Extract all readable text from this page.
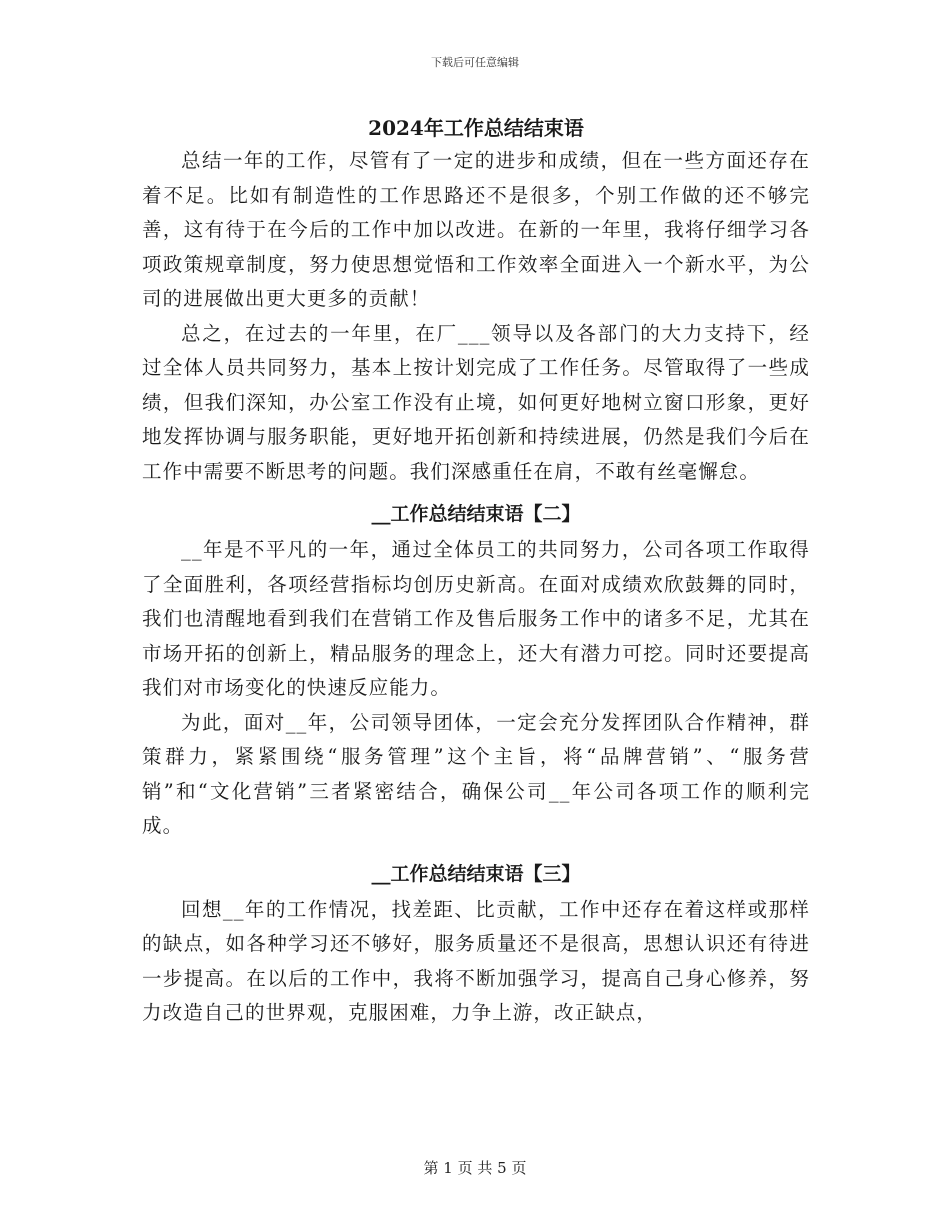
下载后可任意编辑
2024年工作总结结束语

总结一年的工作，尽管有了一定的进步和成绩，但在一些方面还存在着不足。比如有制造性的工作思路还不是很多，个别工作做的还不够完善，这有待于在今后的工作中加以改进。在新的一年里，我将仔细学习各项政策规章制度，努力使思想觉悟和工作效率全面进入一个新水平，为公司的进展做出更大更多的贡献！

总之，在过去的一年里，在厂___领导以及各部门的大力支持下，经过全体人员共同努力，基本上按计划完成了工作任务。尽管取得了一些成绩，但我们深知，办公室工作没有止境，如何更好地树立窗口形象，更好地发挥协调与服务职能，更好地开拓创新和持续进展，仍然是我们今后在工作中需要不断思考的问题。我们深感重任在肩，不敢有丝毫懈怠。

__工作总结结束语【二】

__年是不平凡的一年，通过全体员工的共同努力，公司各项工作取得了全面胜利，各项经营指标均创历史新高。在面对成绩欢欣鼓舞的同时，我们也清醒地看到我们在营销工作及售后服务工作中的诸多不足，尤其在市场开拓的创新上，精品服务的理念上，还大有潜力可挖。同时还要提高我们对市场变化的快速反应能力。

为此，面对__年，公司领导团体，一定会充分发挥团队合作精神，群策群力，紧紧围绕“服务管理”这个主旨，将“品牌营销”、“服务营销”和“文化营销”三者紧密结合，确保公司__年公司各项工作的顺利完成。

__工作总结结束语【三】

回想__年的工作情况，找差距、比贡献，工作中还存在着这样或那样的缺点，如各种学习还不够好，服务质量还不是很高，思想认识还有待进一步提高。在以后的工作中，我将不断加强学习，提高自己身心修养，努力改造自己的世界观，克服困难，力争上游，改正缺点，

第 1 页 共 5 页
